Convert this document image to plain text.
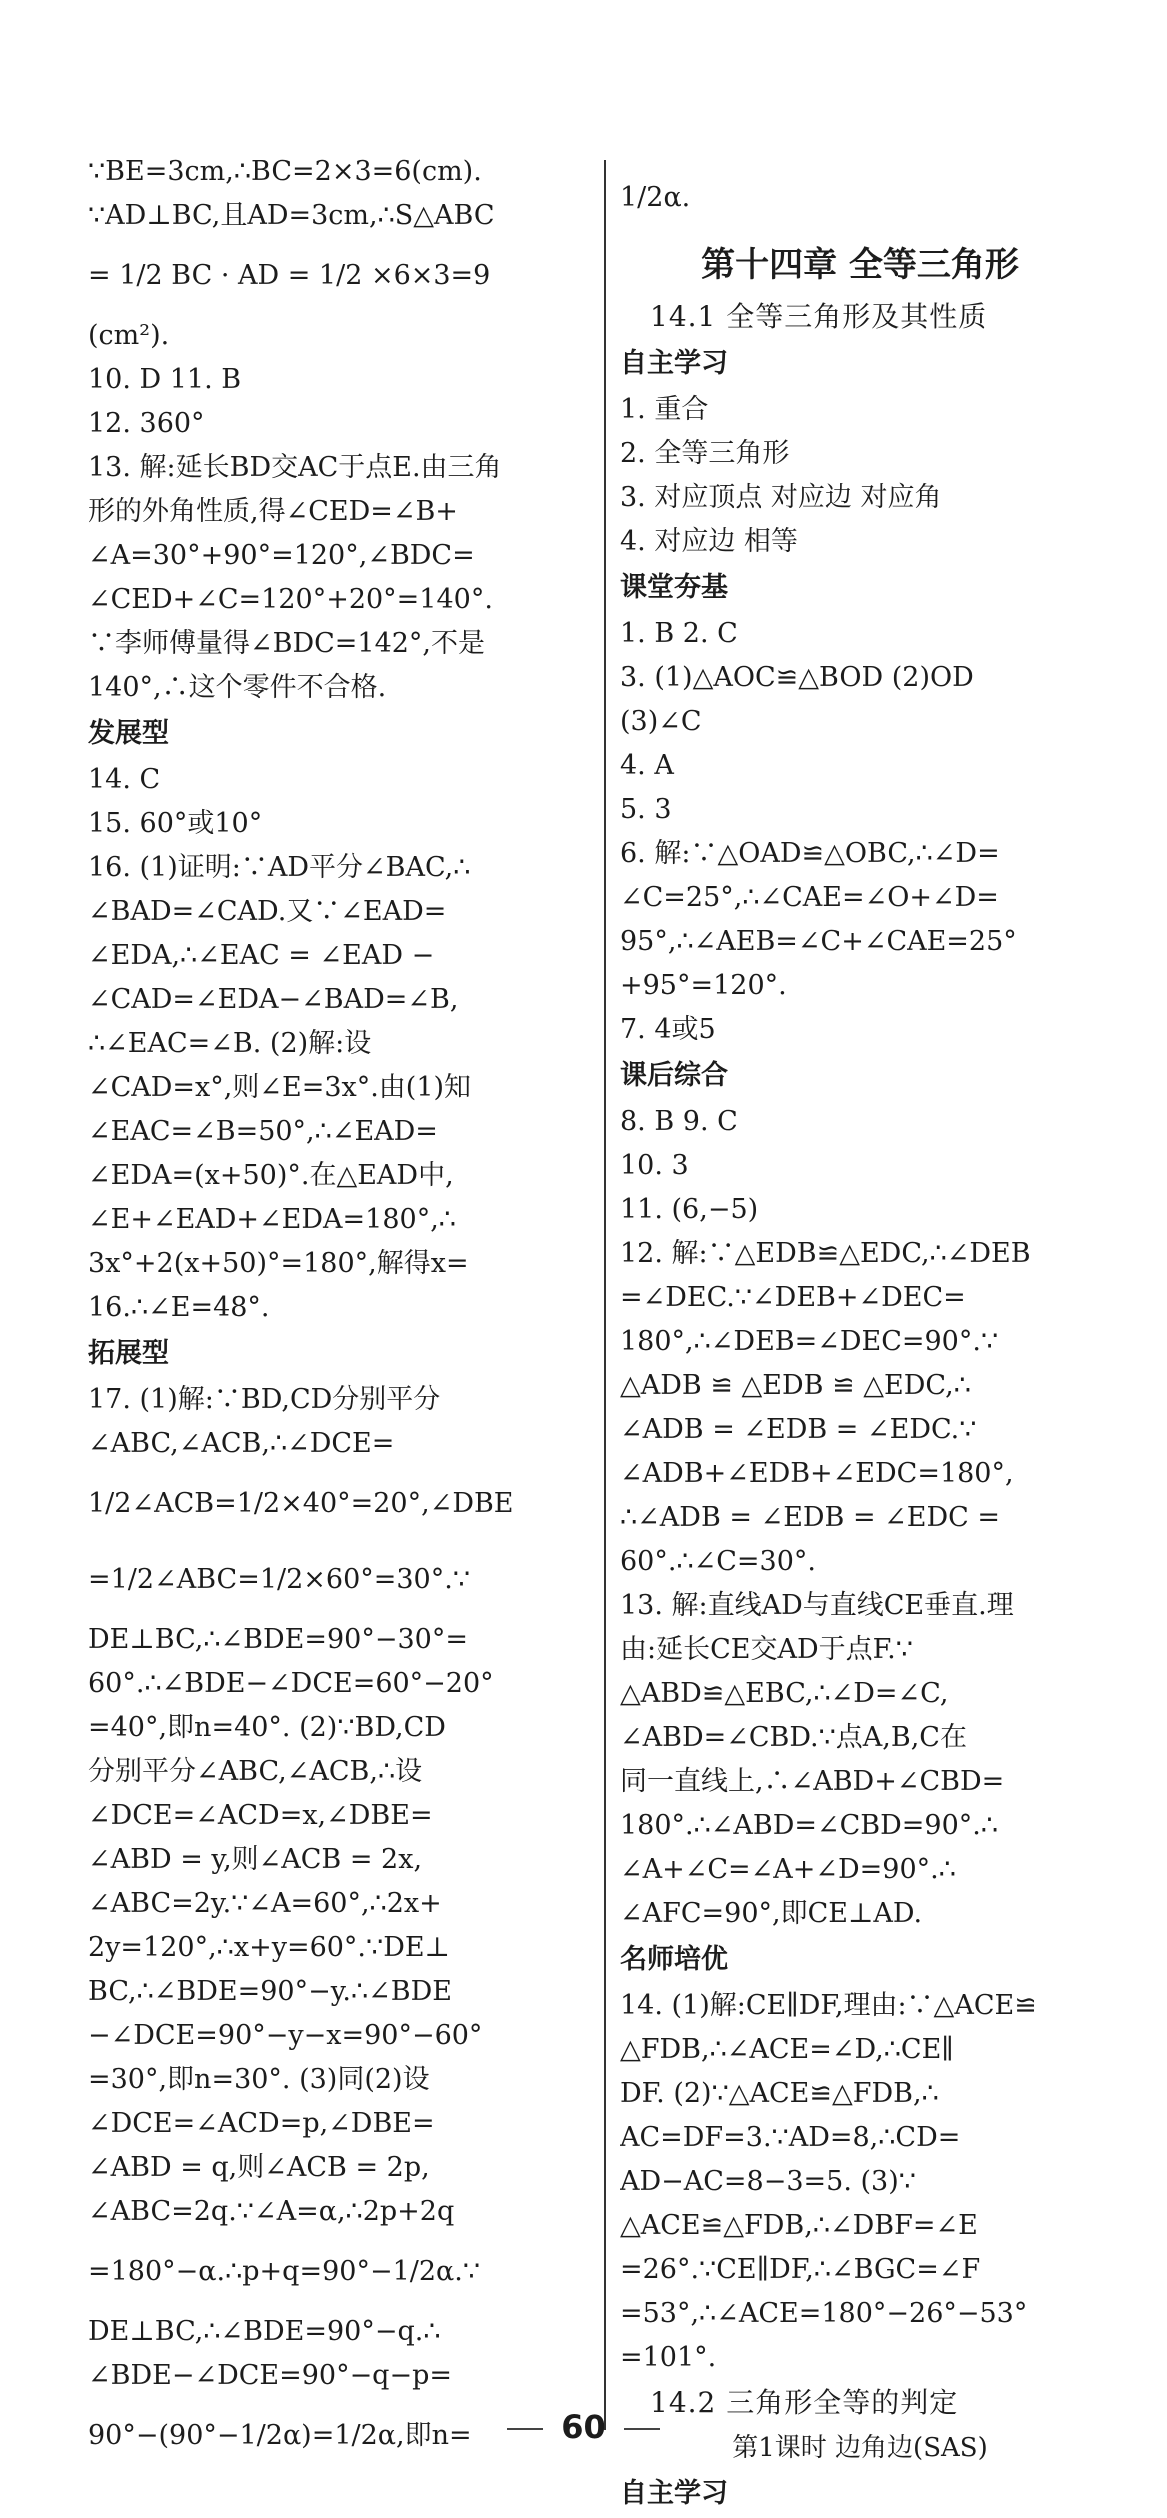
∵BE=3cm,∴BC=2×3=6(cm).
∵AD⊥BC,且AD=3cm,∴S△ABC
= 1/2 BC · AD = 1/2 ×6×3=9
(cm²).
10. D 11. B
12. 360°
13. 解:延长BD交AC于点E.由三角
形的外角性质,得∠CED=∠B+
∠A=30°+90°=120°,∠BDC=
∠CED+∠C=120°+20°=140°.
∵李师傅量得∠BDC=142°,不是
140°,∴这个零件不合格.
发展型
14. C
15. 60°或10°
16. (1)证明:∵AD平分∠BAC,∴
∠BAD=∠CAD.又∵∠EAD=
∠EDA,∴∠EAC = ∠EAD −
∠CAD=∠EDA−∠BAD=∠B,
∴∠EAC=∠B. (2)解:设
∠CAD=x°,则∠E=3x°.由(1)知
∠EAC=∠B=50°,∴∠EAD=
∠EDA=(x+50)°.在△EAD中,
∠E+∠EAD+∠EDA=180°,∴
3x°+2(x+50)°=180°,解得x=
16.∴∠E=48°.
拓展型
17. (1)解:∵BD,CD分别平分
∠ABC,∠ACB,∴∠DCE=
1/2∠ACB=1/2×40°=20°,∠DBE
=1/2∠ABC=1/2×60°=30°.∵
DE⊥BC,∴∠BDE=90°−30°=
60°.∴∠BDE−∠DCE=60°−20°
=40°,即n=40°. (2)∵BD,CD
分别平分∠ABC,∠ACB,∴设
∠DCE=∠ACD=x,∠DBE=
∠ABD = y,则∠ACB = 2x,
∠ABC=2y.∵∠A=60°,∴2x+
2y=120°,∴x+y=60°.∵DE⊥
BC,∴∠BDE=90°−y.∴∠BDE
−∠DCE=90°−y−x=90°−60°
=30°,即n=30°. (3)同(2)设
∠DCE=∠ACD=p,∠DBE=
∠ABD = q,则∠ACB = 2p,
∠ABC=2q.∵∠A=α,∴2p+2q
=180°−α.∴p+q=90°−1/2α.∵
DE⊥BC,∴∠BDE=90°−q.∴
∠BDE−∠DCE=90°−q−p=
90°−(90°−1/2α)=1/2α,即n=
1/2α.
第十四章 全等三角形
14.1 全等三角形及其性质
自主学习
1. 重合
2. 全等三角形
3. 对应顶点 对应边 对应角
4. 对应边 相等
课堂夯基
1. B 2. C
3. (1)△AOC≌△BOD (2)OD
(3)∠C
4. A
5. 3
6. 解:∵△OAD≌△OBC,∴∠D=
∠C=25°,∴∠CAE=∠O+∠D=
95°,∴∠AEB=∠C+∠CAE=25°
+95°=120°.
7. 4或5
课后综合
8. B 9. C
10. 3
11. (6,−5)
12. 解:∵△EDB≌△EDC,∴∠DEB
=∠DEC.∵∠DEB+∠DEC=
180°,∴∠DEB=∠DEC=90°.∵
△ADB ≌ △EDB ≌ △EDC,∴
∠ADB = ∠EDB = ∠EDC.∵
∠ADB+∠EDB+∠EDC=180°,
∴∠ADB = ∠EDB = ∠EDC =
60°.∴∠C=30°.
13. 解:直线AD与直线CE垂直.理
由:延长CE交AD于点F.∵
△ABD≌△EBC,∴∠D=∠C,
∠ABD=∠CBD.∵点A,B,C在
同一直线上,∴∠ABD+∠CBD=
180°.∴∠ABD=∠CBD=90°.∴
∠A+∠C=∠A+∠D=90°.∴
∠AFC=90°,即CE⊥AD.
名师培优
14. (1)解:CE∥DF,理由:∵△ACE≌
△FDB,∴∠ACE=∠D,∴CE∥
DF. (2)∵△ACE≌△FDB,∴
AC=DF=3.∵AD=8,∴CD=
AD−AC=8−3=5. (3)∵
△ACE≌△FDB,∴∠DBF=∠E
=26°.∵CE∥DF,∴∠BGC=∠F
=53°,∴∠ACE=180°−26°−53°
=101°.
14.2 三角形全等的判定
第1课时 边角边(SAS)
自主学习
60
